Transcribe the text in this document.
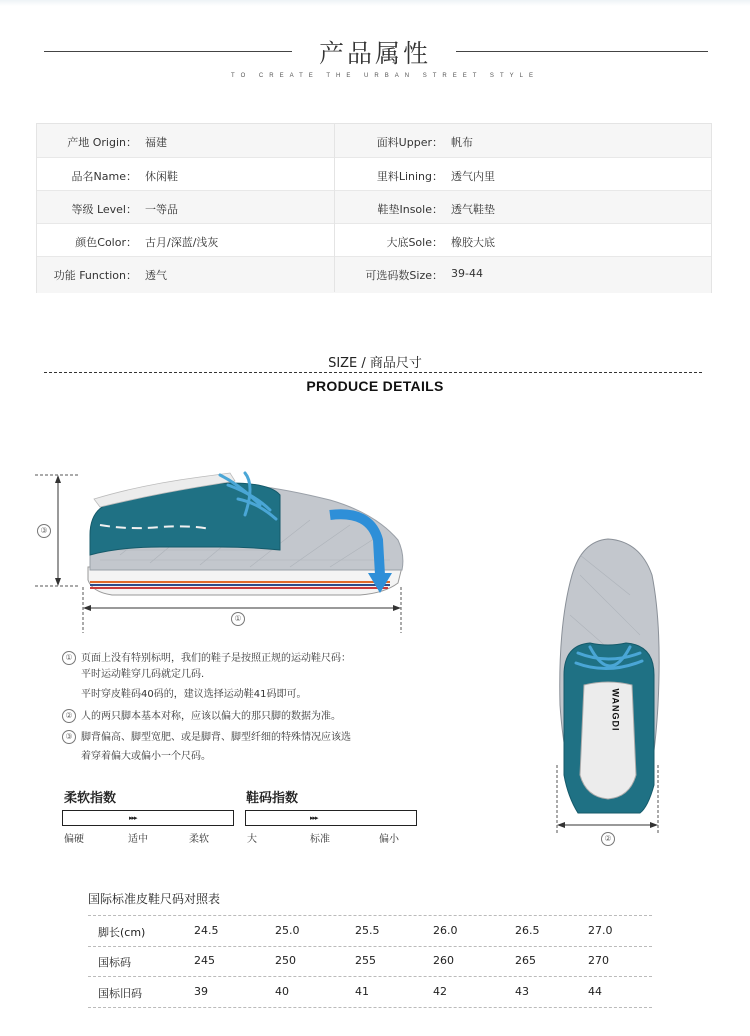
产品属性
TO CREATE THE URBAN STREET STYLE
产地 Origin： 福建	面料Upper： 帆布
品名Name： 休闲鞋	里料Lining： 透气内里
等级 Level： 一等品	鞋垫Insole： 透气鞋垫
颜色Color： 古月/深蓝/浅灰	大底Sole： 橡胶大底
功能 Function： 透气	可选码数Size： 39-44
SIZE / 商品尺寸
PRODUCE DETAILS
③
①
WANGDI
②
① 页面上没有特别标明，我们的鞋子是按照正规的运动鞋尺码：
平时运动鞋穿几码就定几码.
平时穿皮鞋码40码的，建议选择运动鞋41码即可。
② 人的两只脚本基本对称，应该以偏大的那只脚的数据为准。
③ 脚背偏高、脚型宽肥、或是脚背、脚型纤细的特殊情况应该选
着穿着偏大或偏小一个尺码。
柔软指数
▸▸▸
偏硬	适中	柔软
鞋码指数
▸▸▸
大	标准	偏小
国际标准皮鞋尺码对照表
脚长(cm)	24.5	25.0	25.5	26.0	26.5	27.0
国标码	245	250	255	260	265	270
国标旧码	39	40	41	42	43	44
